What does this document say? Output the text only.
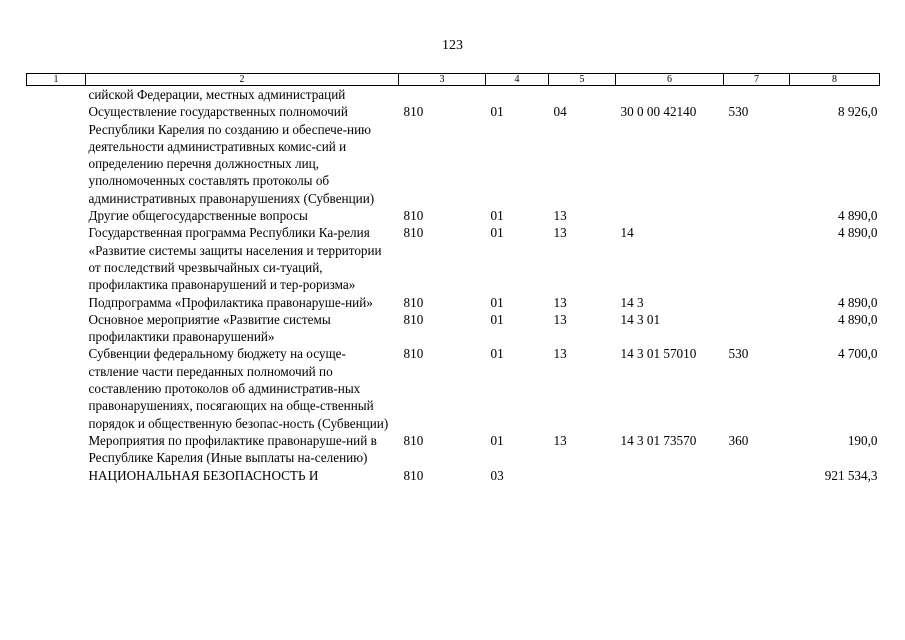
123
1	2	3	4	5	6	7	8
	сийской Федерации, местных администраций						
	Осуществление государственных полномочий Республики Карелия по созданию и обеспече-нию деятельности административных комис-сий и определению перечня должностных лиц, уполномоченных составлять протоколы об административных правонарушениях (Субвенции)	810	01	04	30 0 00 42140	530	8 926,0
	Другие общегосударственные вопросы	810	01	13			4 890,0
	Государственная программа Республики Ка-релия «Развитие системы защиты населения и территории от последствий чрезвычайных си-туаций, профилактика правонарушений и тер-роризма»	810	01	13	14		4 890,0
	Подпрограмма «Профилактика правонаруше-ний»	810	01	13	14 3		4 890,0
	Основное мероприятие «Развитие системы профилактики правонарушений»	810	01	13	14 3 01		4 890,0
	Субвенции федеральному бюджету на осуще-ствление части переданных полномочий по составлению протоколов об административ-ных правонарушениях, посягающих на обще-ственный порядок и общественную безопас-ность (Субвенции)	810	01	13	14 3 01 57010	530	4 700,0
	Мероприятия по профилактике правонаруше-ний в Республике Карелия (Иные выплаты на-селению)	810	01	13	14 3 01 73570	360	190,0
	НАЦИОНАЛЬНАЯ БЕЗОПАСНОСТЬ И	810	03				921 534,3
